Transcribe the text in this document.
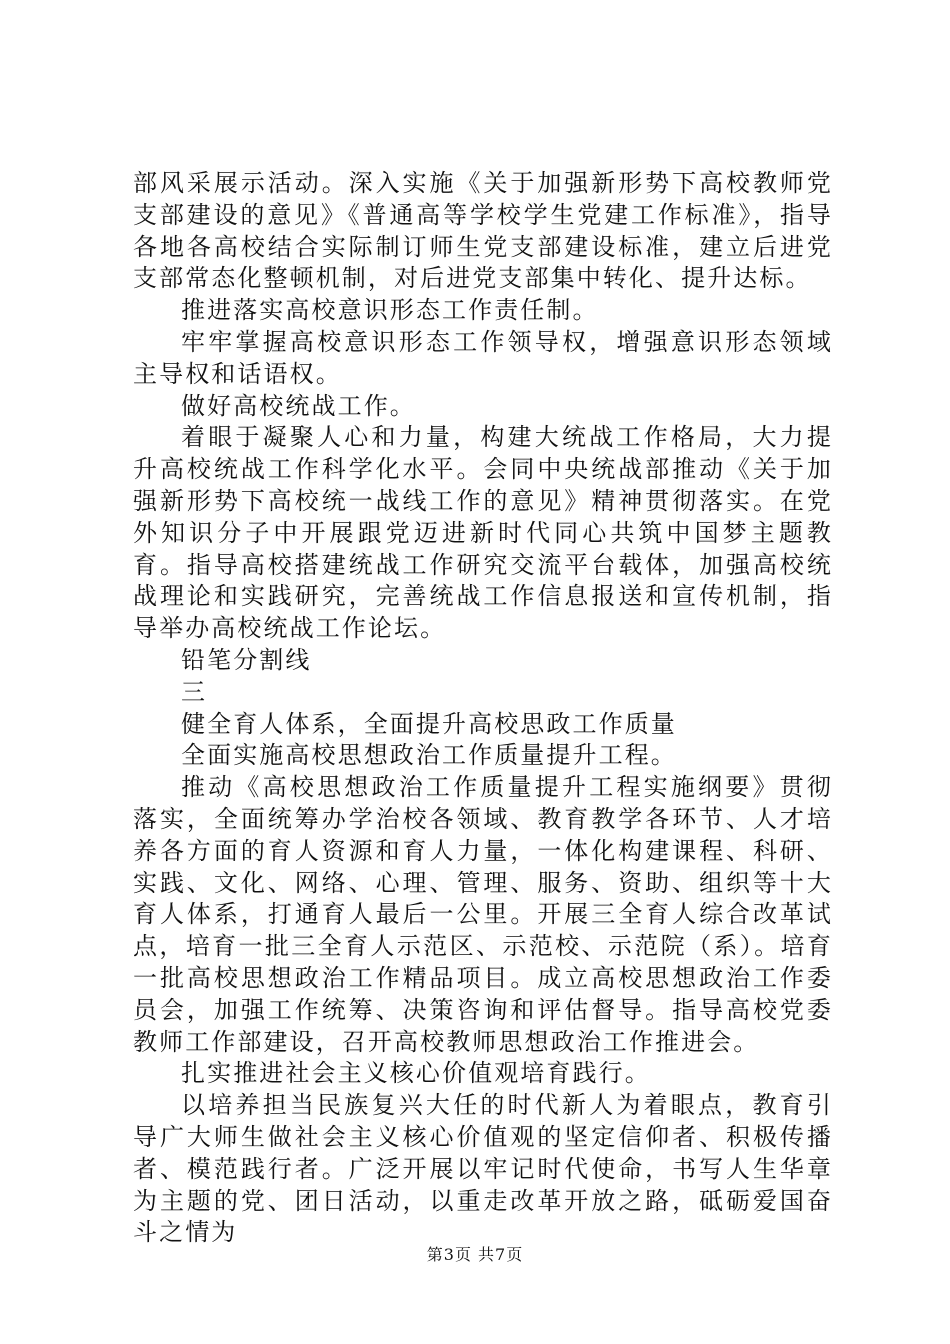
部风采展示活动。深入实施《关于加强新形势下高校教师党支部建设的意见》《普通高等学校学生党建工作标准》，指导各地各高校结合实际制订师生党支部建设标准，建立后进党支部常态化整顿机制，对后进党支部集中转化、提升达标。

推进落实高校意识形态工作责任制。

牢牢掌握高校意识形态工作领导权，增强意识形态领域主导权和话语权。

做好高校统战工作。

着眼于凝聚人心和力量，构建大统战工作格局，大力提升高校统战工作科学化水平。会同中央统战部推动《关于加强新形势下高校统一战线工作的意见》精神贯彻落实。在党外知识分子中开展跟党迈进新时代同心共筑中国梦主题教育。指导高校搭建统战工作研究交流平台载体，加强高校统战理论和实践研究，完善统战工作信息报送和宣传机制，指导举办高校统战工作论坛。

铅笔分割线

三

健全育人体系，全面提升高校思政工作质量

全面实施高校思想政治工作质量提升工程。

推动《高校思想政治工作质量提升工程实施纲要》贯彻落实，全面统筹办学治校各领域、教育教学各环节、人才培养各方面的育人资源和育人力量，一体化构建课程、科研、实践、文化、网络、心理、管理、服务、资助、组织等十大育人体系，打通育人最后一公里。开展三全育人综合改革试点，培育一批三全育人示范区、示范校、示范院（系）。培育一批高校思想政治工作精品项目。成立高校思想政治工作委员会，加强工作统筹、决策咨询和评估督导。指导高校党委教师工作部建设，召开高校教师思想政治工作推进会。

扎实推进社会主义核心价值观培育践行。

以培养担当民族复兴大任的时代新人为着眼点，教育引导广大师生做社会主义核心价值观的坚定信仰者、积极传播者、模范践行者。广泛开展以牢记时代使命，书写人生华章为主题的党、团日活动，以重走改革开放之路，砥砺爱国奋斗之情为

第3页 共7页
